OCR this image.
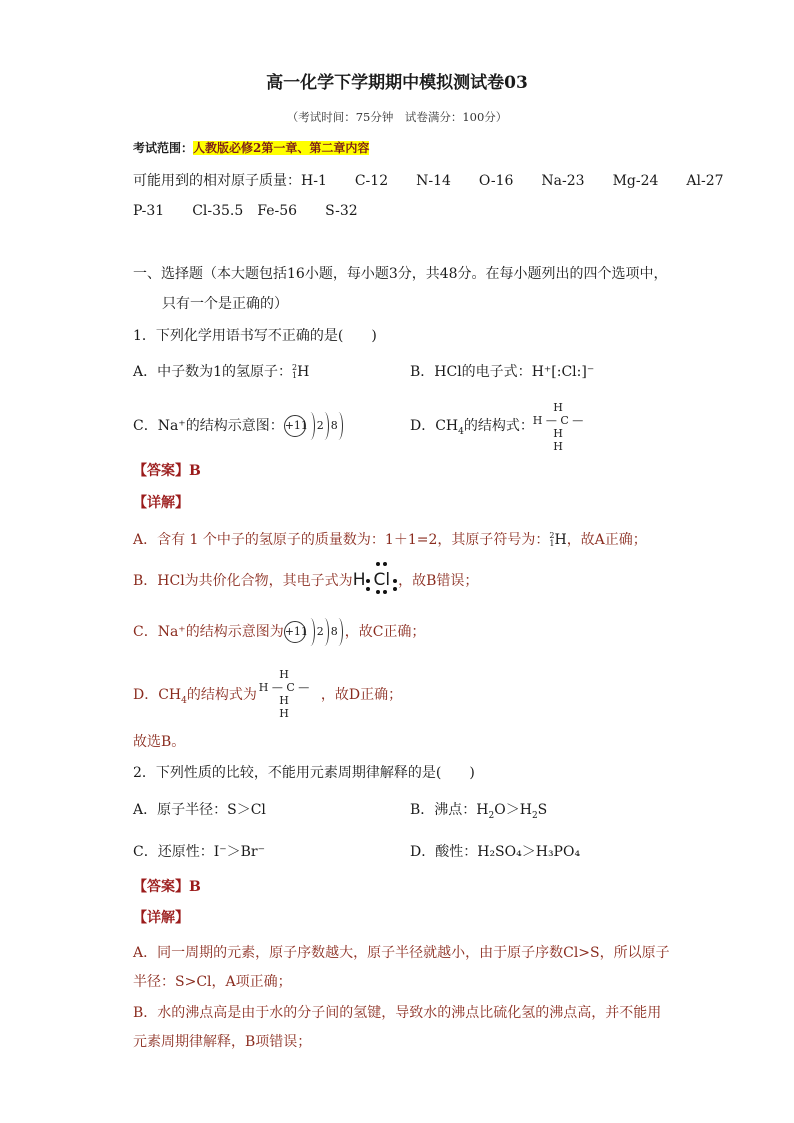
高一化学下学期期中模拟测试卷03
（考试时间：75分钟　试卷满分：100分）
考试范围：人教版必修2第一章、第二章内容
可能用到的相对原子质量：H-1　　C-12　　N-14　　O-16　　Na-23　　Mg-24　　Al-27
P-31　　Cl-35.5　Fe-56　　S-32
一、选择题（本大题包括16小题，每小题3分，共48分。在每小题列出的四个选项中，
只有一个是正确的）
1．下列化学用语书写不正确的是(　　)
A．中子数为1的氢原子： 2
1 H	B．HCl的电子式：H⁺[:Cl:]⁻
C．Na⁺的结构示意图：+11 2 8	D．$CH_4$的结构式：
H
H — C — H
H
【答案】B
【详解】
A．含有 1 个中子的氢原子的质量数为：1＋1=2，其原子符号为： 2
1 H，故A正确；
B．HCl为共价化合物，其电子式为H Cl ，故B错误；
C．Na⁺的结构示意图为+11 2 8 ，故C正确；
D．$CH_4$的结构式为	，故D正确；
H
H — C — H
H
故选B。
2．下列性质的比较，不能用元素周期律解释的是(　　)
A．原子半径：S＞Cl	B．沸点：$H_2O>H_2S$
C．还原性：I⁻＞Br⁻	D．酸性：H₂SO₄＞H₃PO₄
【答案】B
【详解】
A．同一周期的元素，原子序数越大，原子半径就越小，由于原子序数Cl>S，所以原子
半径：S>Cl，A项正确；
B．水的沸点高是由于水的分子间的氢键，导致水的沸点比硫化氢的沸点高，并不能用
元素周期律解释，B项错误；
